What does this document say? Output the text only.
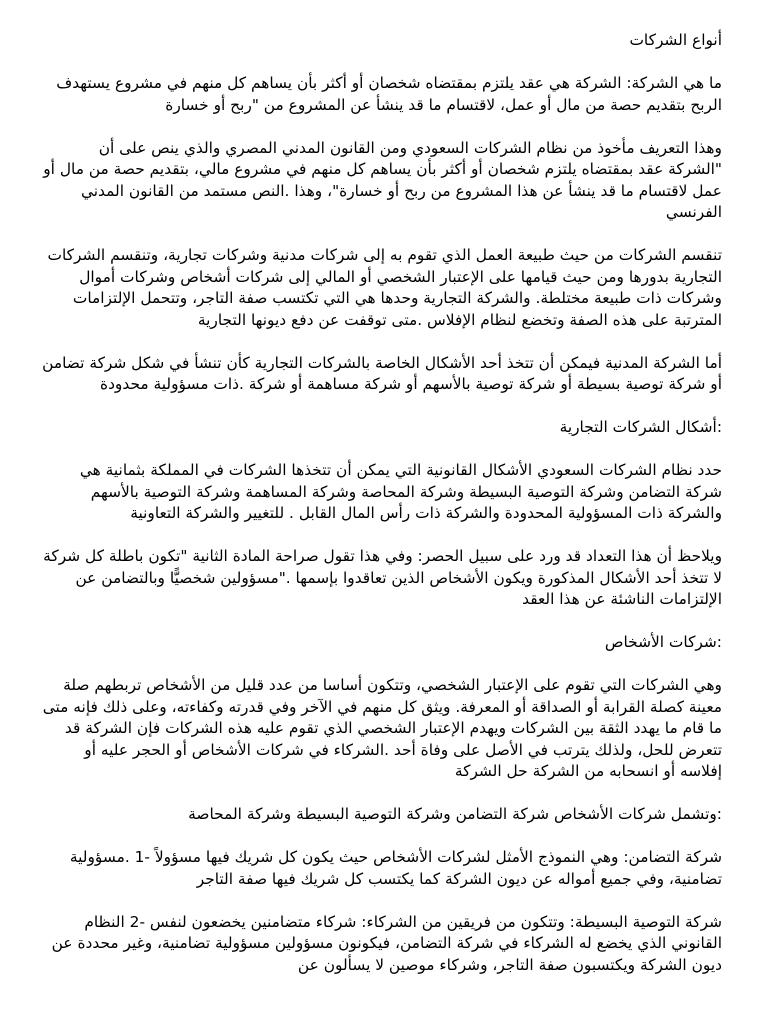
أنواع الشركات

ما هي الشركة: الشركة هي عقد يلتزم بمقتضاه شخصان أو أكثر بأن يساهم كل منهم في مشروع يستهدف الربح بتقديم حصة من مال أو عمل، لاقتسام ما قد ينشأ عن المشروع من "ربح أو خسارة

وهذا التعريف مأخوذ من نظام الشركات السعودي ومن القانون المدني المصري والذي ينص على أن "الشركة عقد بمقتضاه يلتزم شخصان أو أكثر بأن يساهم كل منهم في مشروع مالي، بتقديم حصة من مال أو عمل لاقتسام ما قد ينشأ عن هذا المشروع من ربح أو خسارة"، وهذا .النص مستمد من القانون المدني الفرنسي

تنقسم الشركات من حيث طبيعة العمل الذي تقوم به إلى شركات مدنية وشركات تجارية، وتنقسم الشركات التجارية بدورها ومن حيث قيامها على الإعتبار الشخصي أو المالي إلى شركات أشخاص وشركات أموال وشركات ذات طبيعة مختلطة. والشركة التجارية وحدها هي التي تكتسب صفة التاجر، وتتحمل الإلتزامات المترتبة على هذه الصفة وتخضع لنظام الإفلاس .متى توقفت عن دفع ديونها التجارية

أما الشركة المدنية فيمكن أن تتخذ أحد الأشكال الخاصة بالشركات التجارية كأن تنشأ في شكل شركة تضامن أو شركة توصية بسيطة أو شركة توصية بالأسهم أو شركة مساهمة أو شركة .ذات مسؤولية محدودة

:أشكال الشركات التجارية

حدد نظام الشركات السعودي الأشكال القانونية التي يمكن أن تتخذها الشركات في المملكة بثمانية هي شركة التضامن وشركة التوصية البسيطة وشركة المحاصة وشركة المساهمة وشركة التوصية بالأسهم والشركة ذات المسؤولية المحدودة والشركة ذات رأس المال القابل . للتغيير والشركة التعاونية

ويلاحظ أن هذا التعداد قد ورد على سبيل الحصر: وفي هذا تقول صراحة المادة الثانية "تكون باطلة كل شركة لا تتخذ أحد الأشكال المذكورة ويكون الأشخاص الذين تعاقدوا بإسمها ."مسؤولين شخصيًّا وبالتضامن عن الإلتزامات الناشئة عن هذا العقد

:شركات الأشخاص

وهي الشركات التي تقوم على الإعتبار الشخصي، وتتكون أساسا من عدد قليل من الأشخاص تربطهم صلة معينة كصلة القرابة أو الصداقة أو المعرفة. ويثق كل منهم في الآخر وفي قدرته وكفاءته، وعلى ذلك فإنه متى ما قام ما يهدد الثقة بين الشركات ويهدم الإعتبار الشخصي الذي تقوم عليه هذه الشركات فإن الشركة قد تتعرض للحل، ولذلك يترتب في الأصل على وفاة أحد .الشركاء في شركات الأشخاص أو الحجر عليه أو إفلاسه أو انسحابه من الشركة حل الشركة

:وتشمل شركات الأشخاص شركة التضامن وشركة التوصية البسيطة وشركة المحاصة

شركة التضامن: وهي النموذج الأمثل لشركات الأشخاص حيث يكون كل شريك فيها مسؤولاً -1 .مسؤولية تضامنية، وفي جميع أمواله عن ديون الشركة كما يكتسب كل شريك فيها صفة التاجر

شركة التوصية البسيطة: وتتكون من فريقين من الشركاء: شركاء متضامنين يخضعون لنفس -2 النظام القانوني الذي يخضع له الشركاء في شركة التضامن، فيكونون مسؤولين مسؤولية تضامنية، وغير محددة عن ديون الشركة ويكتسبون صفة التاجر، وشركاء موصين لا يسألون عن
